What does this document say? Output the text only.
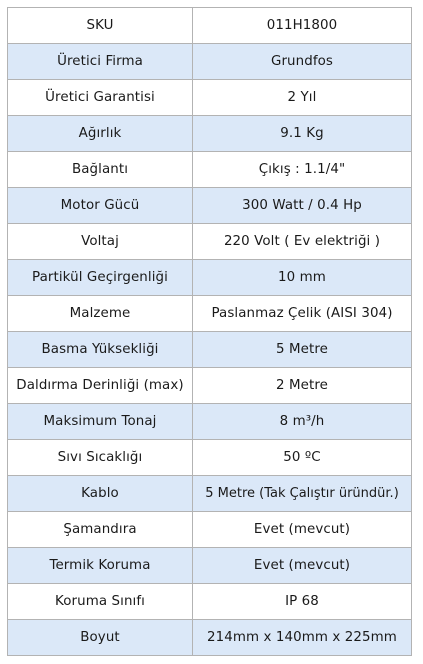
SKU	011H1800
Üretici Firma	Grundfos
Üretici Garantisi	2 Yıl
Ağırlık	9.1 Kg
Bağlantı	Çıkış : 1.1/4"
Motor Gücü	300 Watt / 0.4 Hp
Voltaj	220 Volt ( Ev elektriği )
Partikül Geçirgenliği	10 mm
Malzeme	Paslanmaz Çelik (AISI 304)
Basma Yüksekliği	5 Metre
Daldırma Derinliği (max)	2 Metre
Maksimum Tonaj	8 m³/h
Sıvı Sıcaklığı	50 ºC
Kablo	5 Metre (Tak Çalıştır üründür.)
Şamandıra	Evet (mevcut)
Termik Koruma	Evet (mevcut)
Koruma Sınıfı	IP 68
Boyut	214mm x 140mm x 225mm
